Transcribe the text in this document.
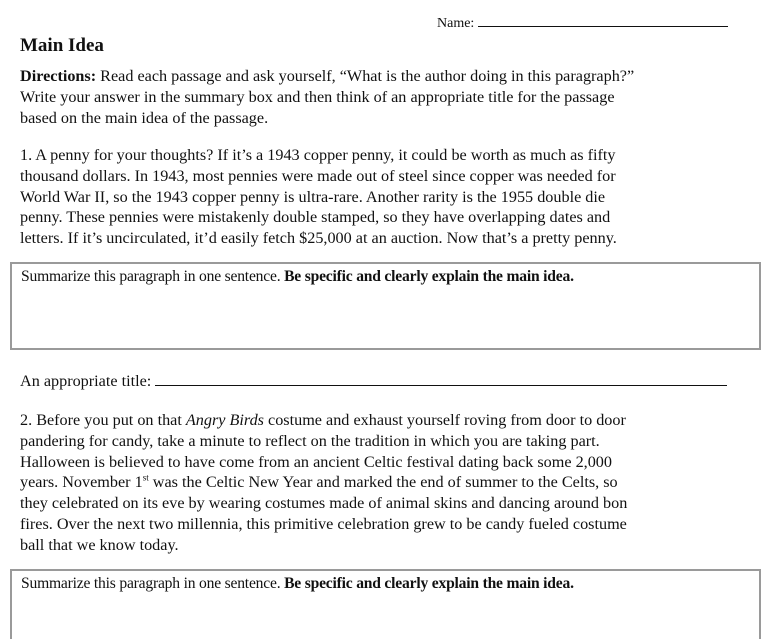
Name:
Main Idea
Directions: Read each passage and ask yourself, “What is the author doing in this paragraph?”
Write your answer in the summary box and then think of an appropriate title for the passage
based on the main idea of the passage.
1. A penny for your thoughts? If it’s a 1943 copper penny, it could be worth as much as fifty
thousand dollars. In 1943, most pennies were made out of steel since copper was needed for
World War II, so the 1943 copper penny is ultra-rare. Another rarity is the 1955 double die
penny. These pennies were mistakenly double stamped, so they have overlapping dates and
letters. If it’s uncirculated, it’d easily fetch $25,000 at an auction. Now that’s a pretty penny.
Summarize this paragraph in one sentence. Be specific and clearly explain the main idea.
An appropriate title:
2. Before you put on that Angry Birds costume and exhaust yourself roving from door to door
pandering for candy, take a minute to reflect on the tradition in which you are taking part.
Halloween is believed to have come from an ancient Celtic festival dating back some 2,000
years. November 1st was the Celtic New Year and marked the end of summer to the Celts, so
they celebrated on its eve by wearing costumes made of animal skins and dancing around bon
fires. Over the next two millennia, this primitive celebration grew to be candy fueled costume
ball that we know today.
Summarize this paragraph in one sentence. Be specific and clearly explain the main idea.
